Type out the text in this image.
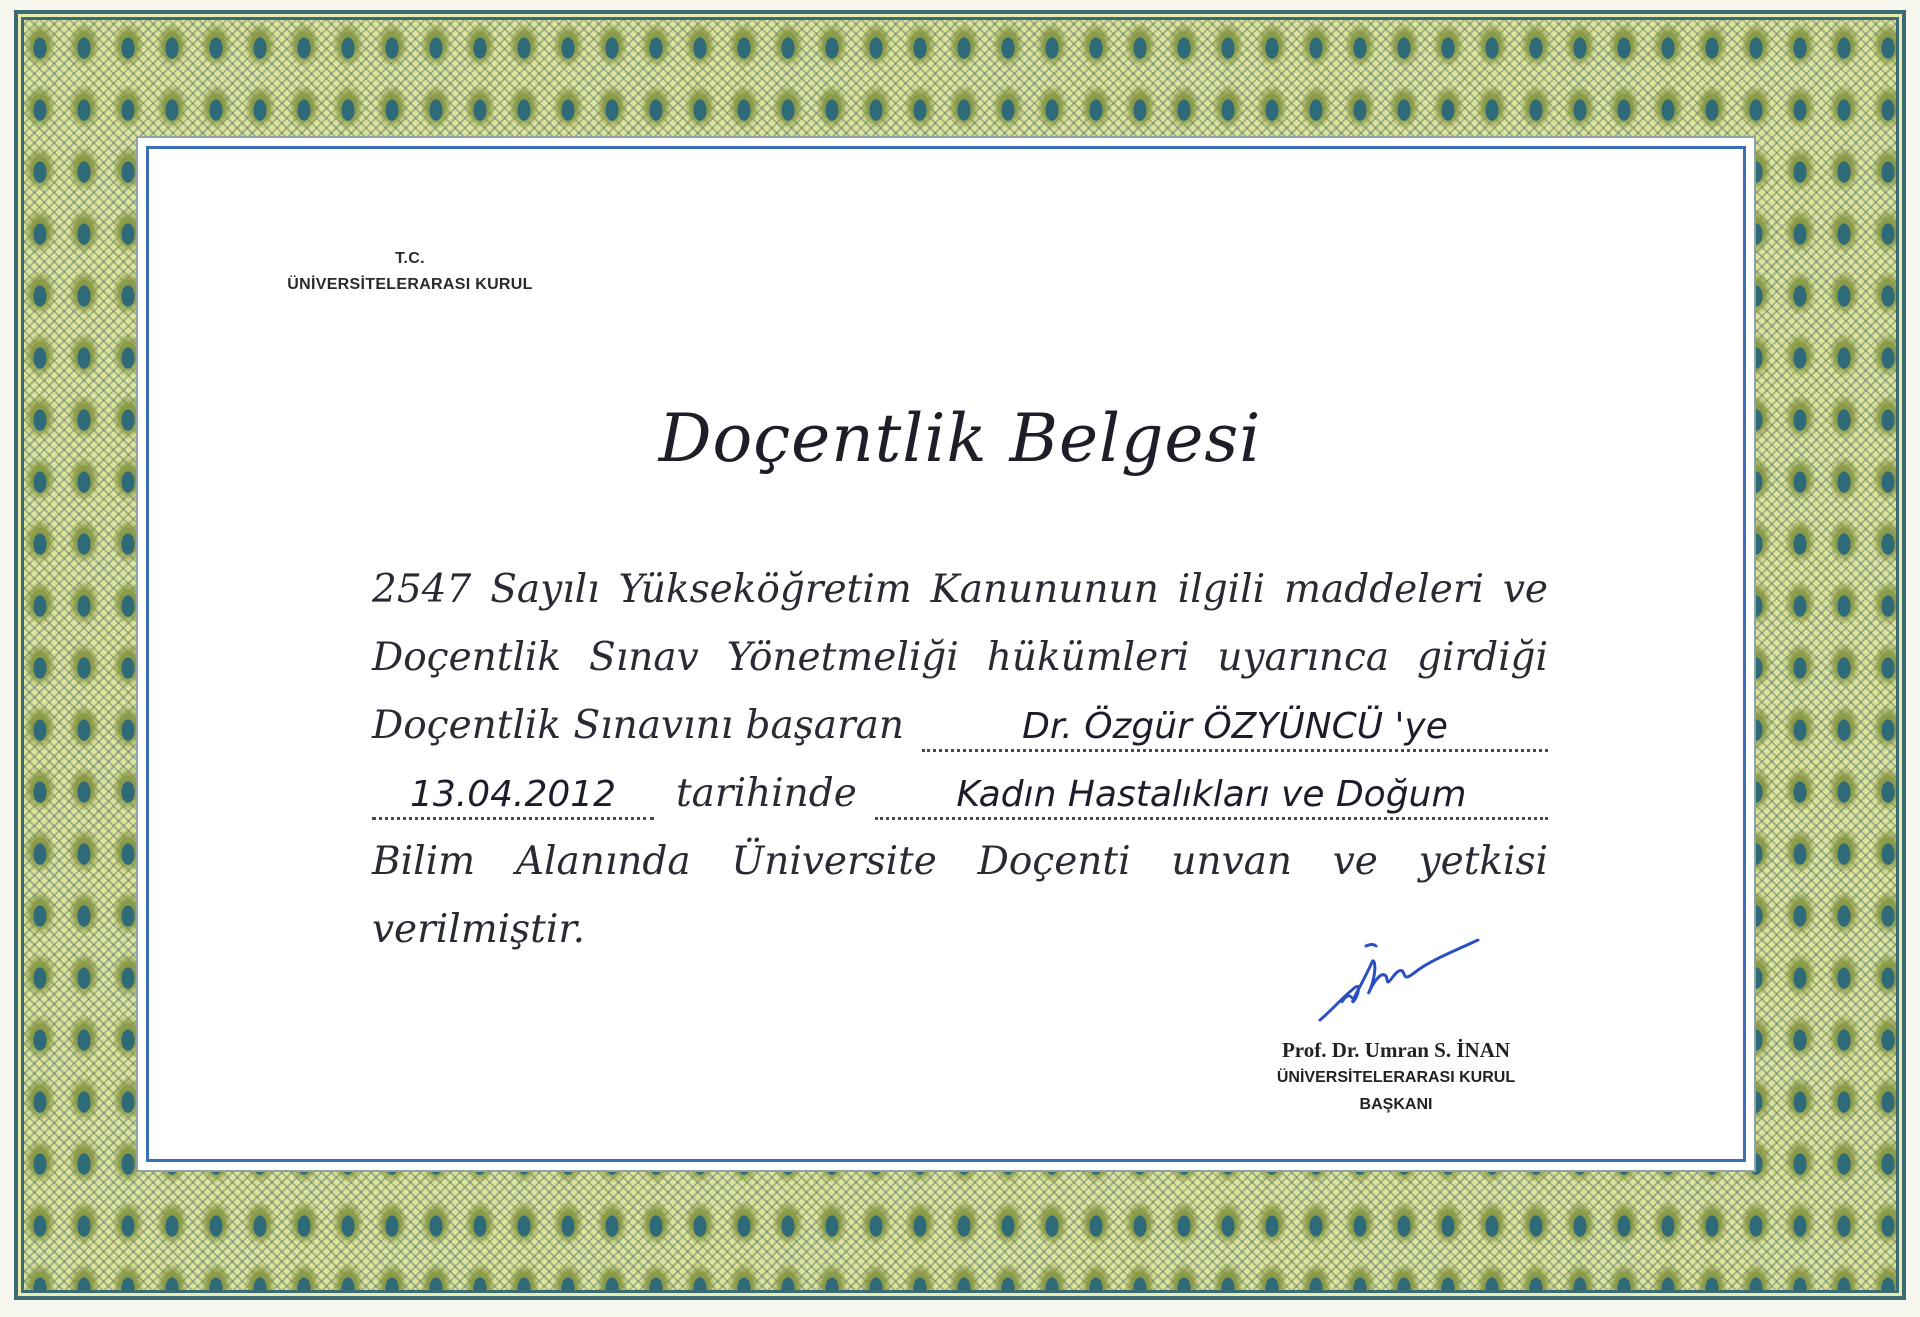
T.C.
ÜNİVERSİTELERARASI KURUL
Doçentlik Belgesi
2547 Sayılı Yükseköğretim Kanununun ilgili maddeleri ve
Doçentlik Sınav Yönetmeliği hükümleri uyarınca girdiği
Doçentlik Sınavını başaran	Dr. Özgür ÖZYÜNCÜ 'ye
13.04.2012	tarihinde	Kadın Hastalıkları ve Doğum
Bilim Alanında Üniversite Doçenti unvan ve yetkisi
verilmiştir.
Prof. Dr. Umran S. İNAN
ÜNİVERSİTELERARASI KURUL
BAŞKANI
